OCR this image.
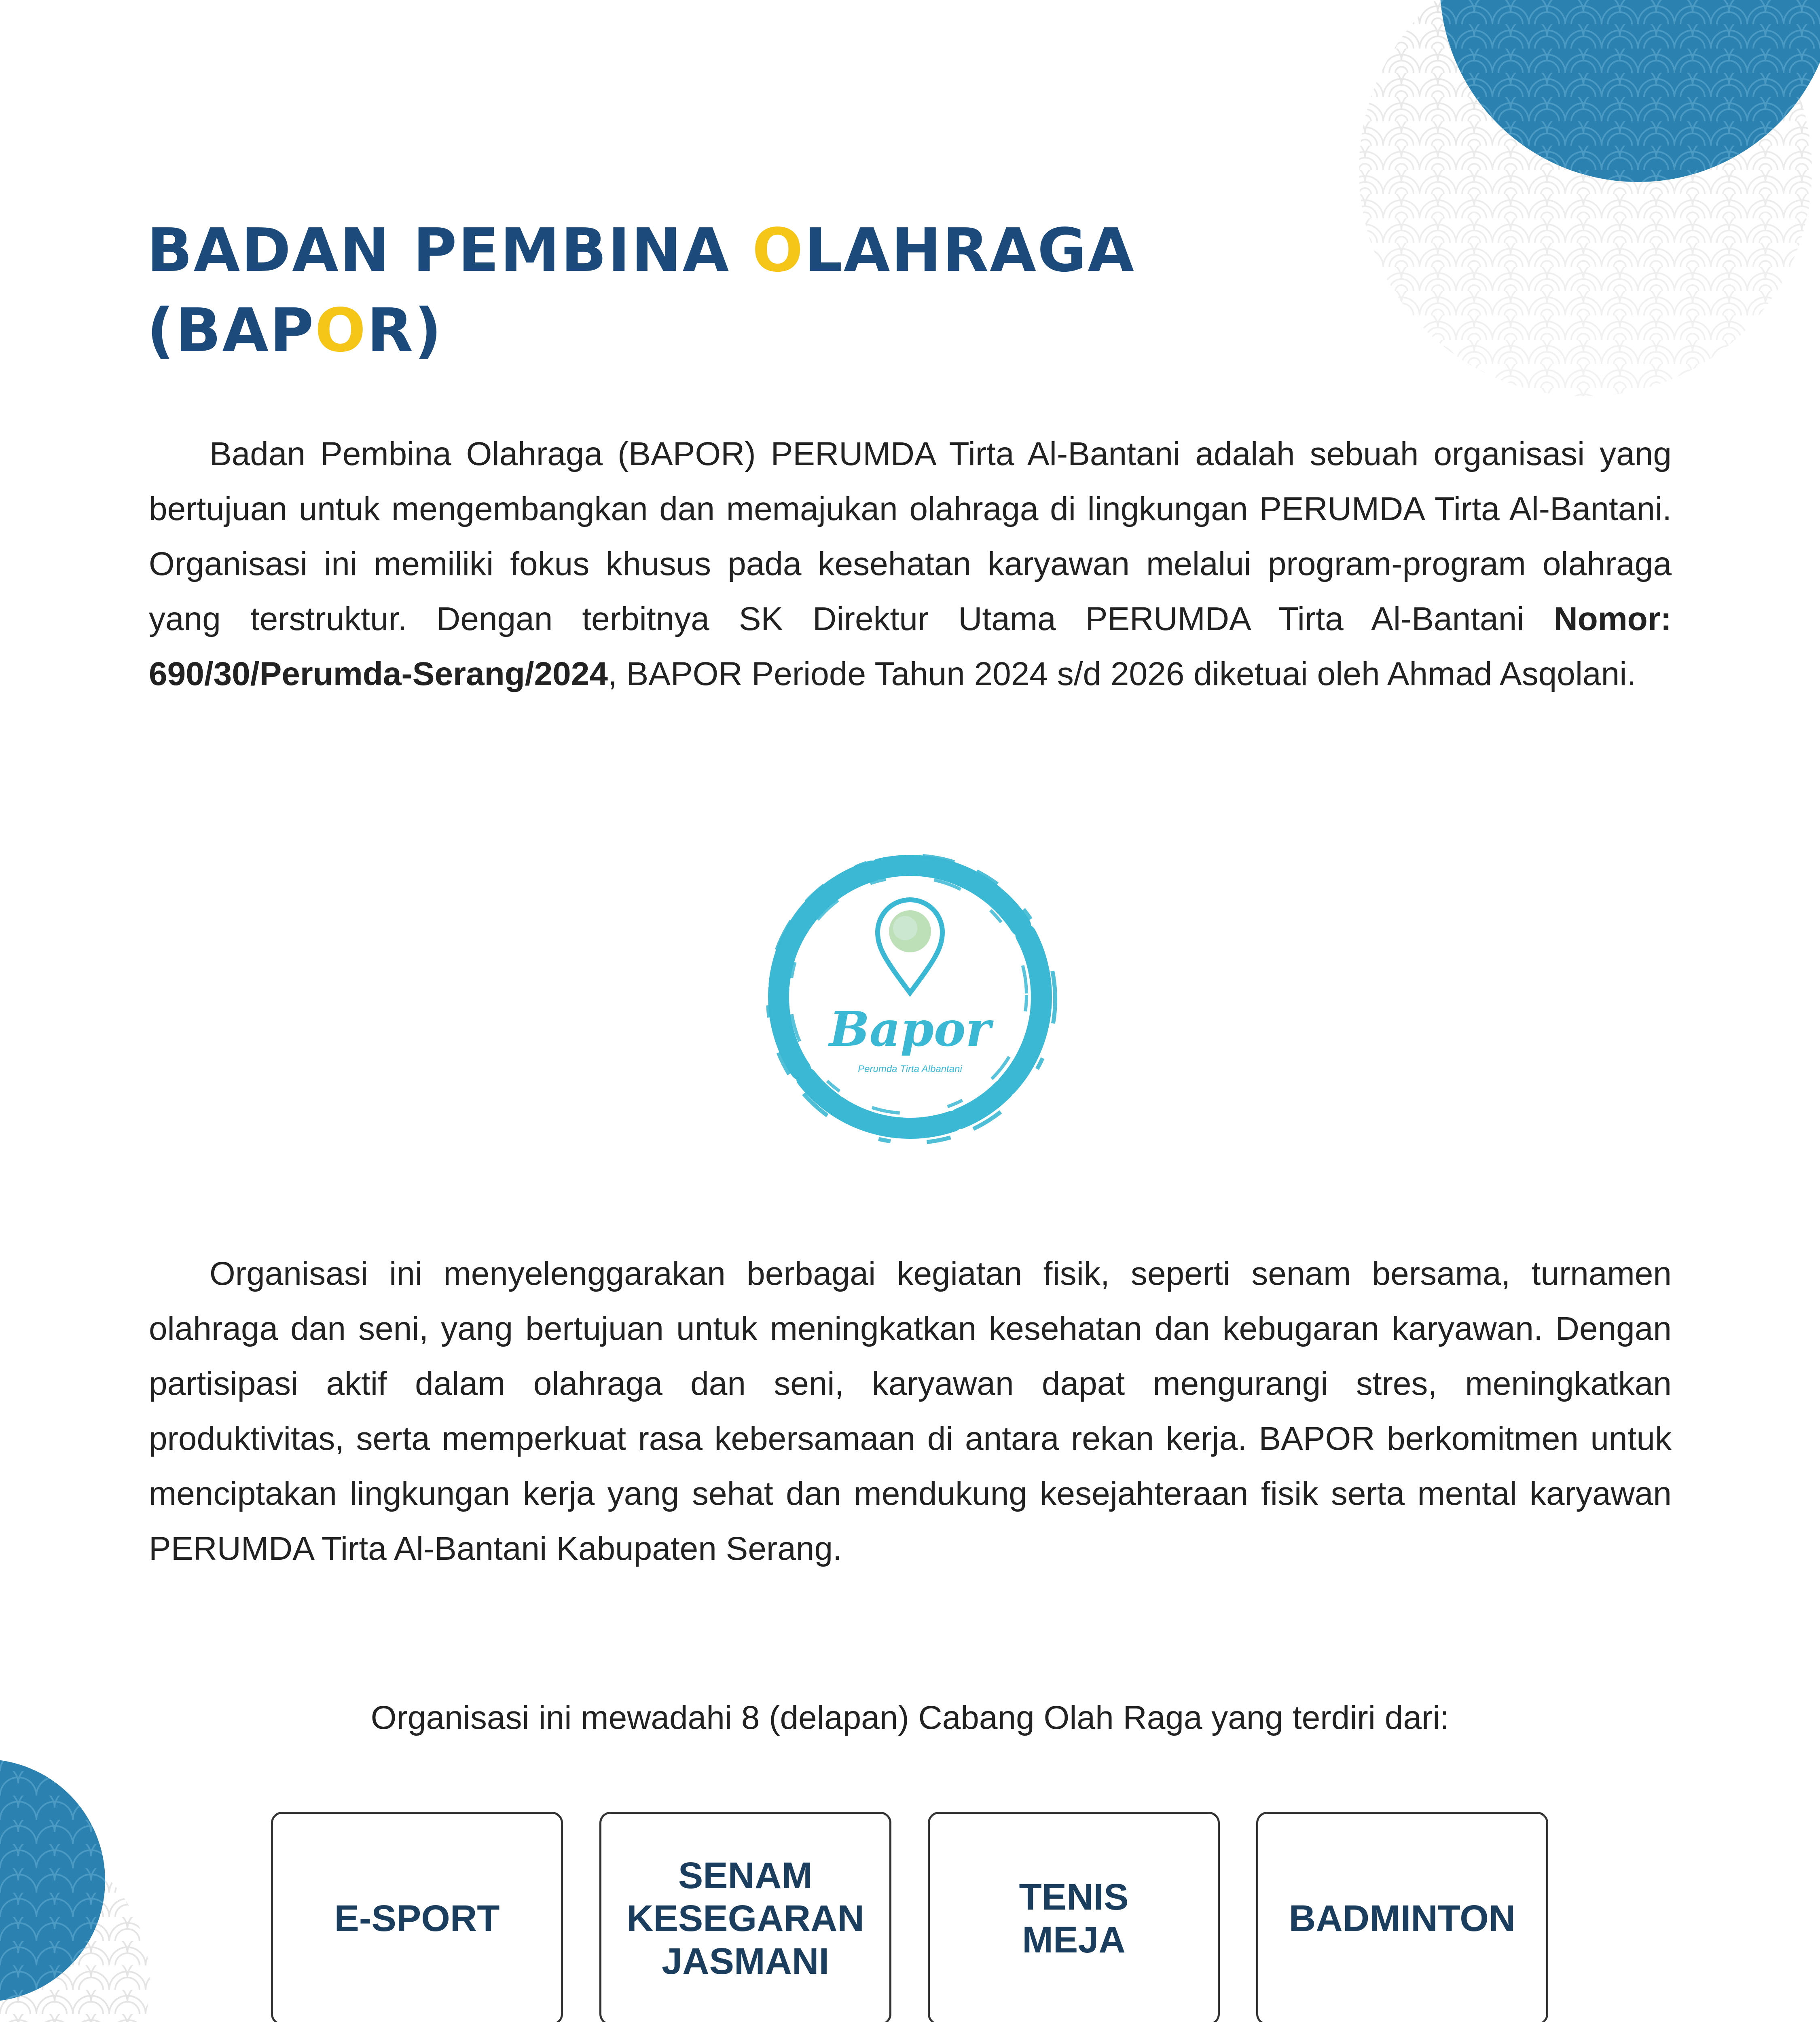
BADAN PEMBINA OLAHRAGA
(BAPOR)

Badan Pembina Olahraga (BAPOR) PERUMDA Tirta Al-Bantani adalah sebuah organisasi yang bertujuan untuk mengembangkan dan memajukan olahraga di lingkungan PERUMDA Tirta Al-Bantani. Organisasi ini memiliki fokus khusus pada kesehatan karyawan melalui program-program olahraga yang terstruktur. Dengan terbitnya SK Direktur Utama PERUMDA Tirta Al-Bantani Nomor: 690/30/Perumda-Serang/2024, BAPOR Periode Tahun 2024 s/d 2026 diketuai oleh Ahmad Asqolani.

Bapor
Perumda Tirta Albantani

Organisasi ini menyelenggarakan berbagai kegiatan fisik, seperti senam bersama, turnamen olahraga dan seni, yang bertujuan untuk meningkatkan kesehatan dan kebugaran karyawan. Dengan partisipasi aktif dalam olahraga dan seni, karyawan dapat mengurangi stres, meningkatkan produktivitas, serta memperkuat rasa kebersamaan di antara rekan kerja. BAPOR berkomitmen untuk menciptakan lingkungan kerja yang sehat dan mendukung kesejahteraan fisik serta mental karyawan PERUMDA Tirta Al-Bantani Kabupaten Serang.

Organisasi ini mewadahi 8 (delapan) Cabang Olah Raga yang terdiri dari:

E-SPORT
SENAM
KESEGARAN
JASMANI
TENIS
MEJA
BADMINTON
